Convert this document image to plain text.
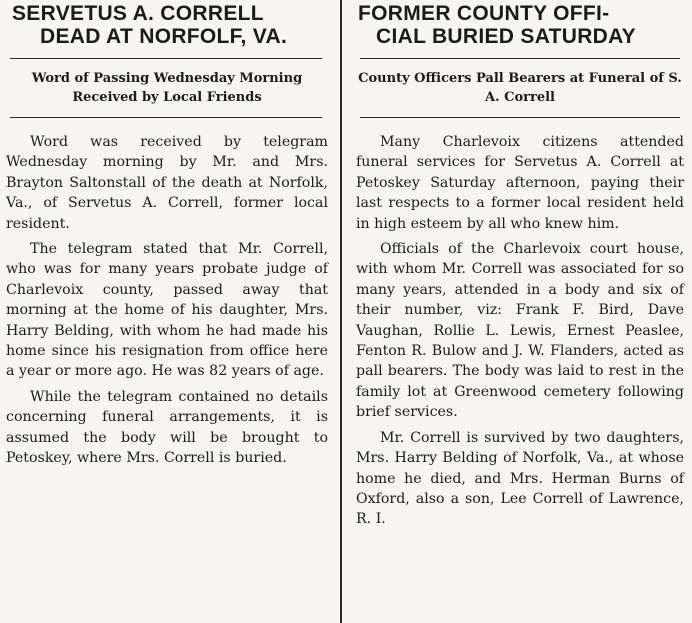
SERVETUS A. CORRELL
DEAD AT NORFOLF, VA.
Word of Passing Wednesday Morning Received by Local Friends

Word was received by telegram Wednesday morning by Mr. and Mrs. Brayton Saltonstall of the death at Norfolk, Va., of Servetus A. Correll, former local resident.

The telegram stated that Mr. Correll, who was for many years probate judge of Charlevoix county, passed away that morning at the home of his daughter, Mrs. Harry Belding, with whom he had made his home since his resignation from office here a year or more ago. He was 82 years of age.

While the telegram contained no details concerning funeral arrangements, it is assumed the body will be brought to Petoskey, where Mrs. Correll is buried.

FORMER COUNTY OFFI-
CIAL BURIED SATURDAY
County Officers Pall Bearers at Funeral of S. A. Correll

Many Charlevoix citizens attended funeral services for Servetus A. Correll at Petoskey Saturday afternoon, paying their last respects to a former local resident held in high esteem by all who knew him.

Officials of the Charlevoix court house, with whom Mr. Correll was associated for so many years, attended in a body and six of their number, viz: Frank F. Bird, Dave Vaughan, Rollie L. Lewis, Ernest Peaslee, Fenton R. Bulow and J. W. Flanders, acted as pall bearers. The body was laid to rest in the family lot at Greenwood cemetery following brief services.

Mr. Correll is survived by two daughters, Mrs. Harry Belding of Norfolk, Va., at whose home he died, and Mrs. Herman Burns of Oxford, also a son, Lee Correll of Lawrence, R. I.
